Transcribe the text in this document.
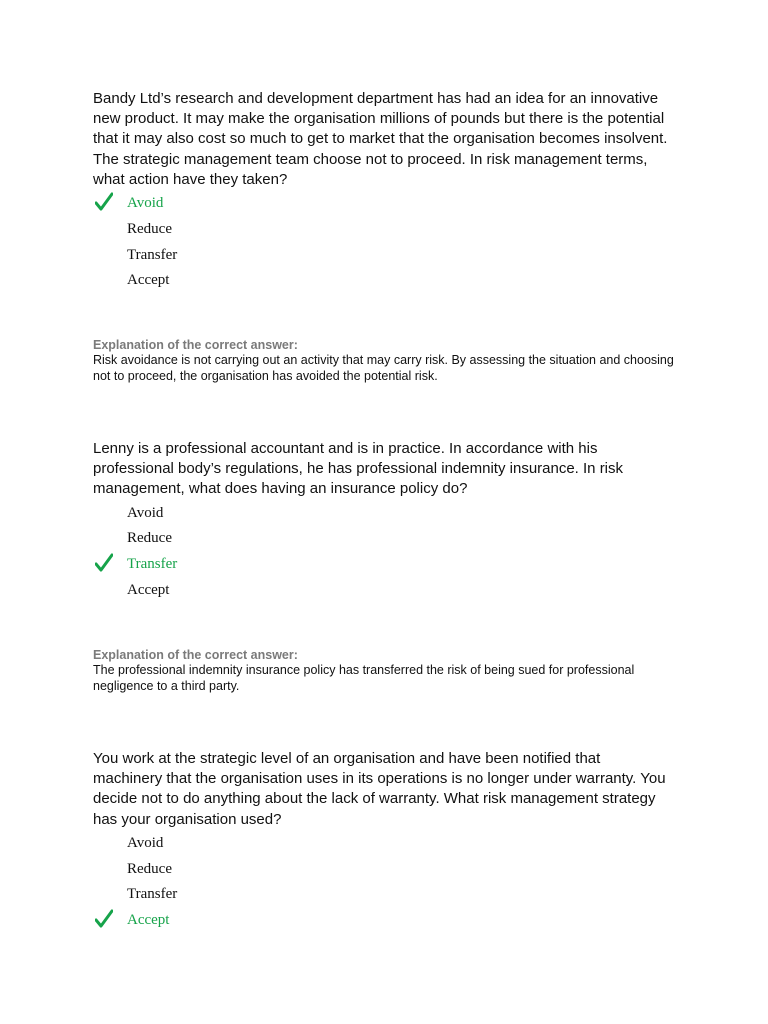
Bandy Ltd’s research and development department has had an idea for an innovative new product. It may make the organisation millions of pounds but there is the potential that it may also cost so much to get to market that the organisation becomes insolvent. The strategic management team choose not to proceed. In risk management terms, what action have they taken?

Avoid
Reduce
Transfer
Accept

Explanation of the correct answer:

Risk avoidance is not carrying out an activity that may carry risk. By assessing the situation and choosing not to proceed, the organisation has avoided the potential risk.

Lenny is a professional accountant and is in practice. In accordance with his professional body’s regulations, he has professional indemnity insurance. In risk management, what does having an insurance policy do?

Avoid
Reduce
Transfer
Accept

Explanation of the correct answer:

The professional indemnity insurance policy has transferred the risk of being sued for professional negligence to a third party.

You work at the strategic level of an organisation and have been notified that machinery that the organisation uses in its operations is no longer under warranty. You decide not to do anything about the lack of warranty. What risk management strategy has your organisation used?

Avoid
Reduce
Transfer
Accept
